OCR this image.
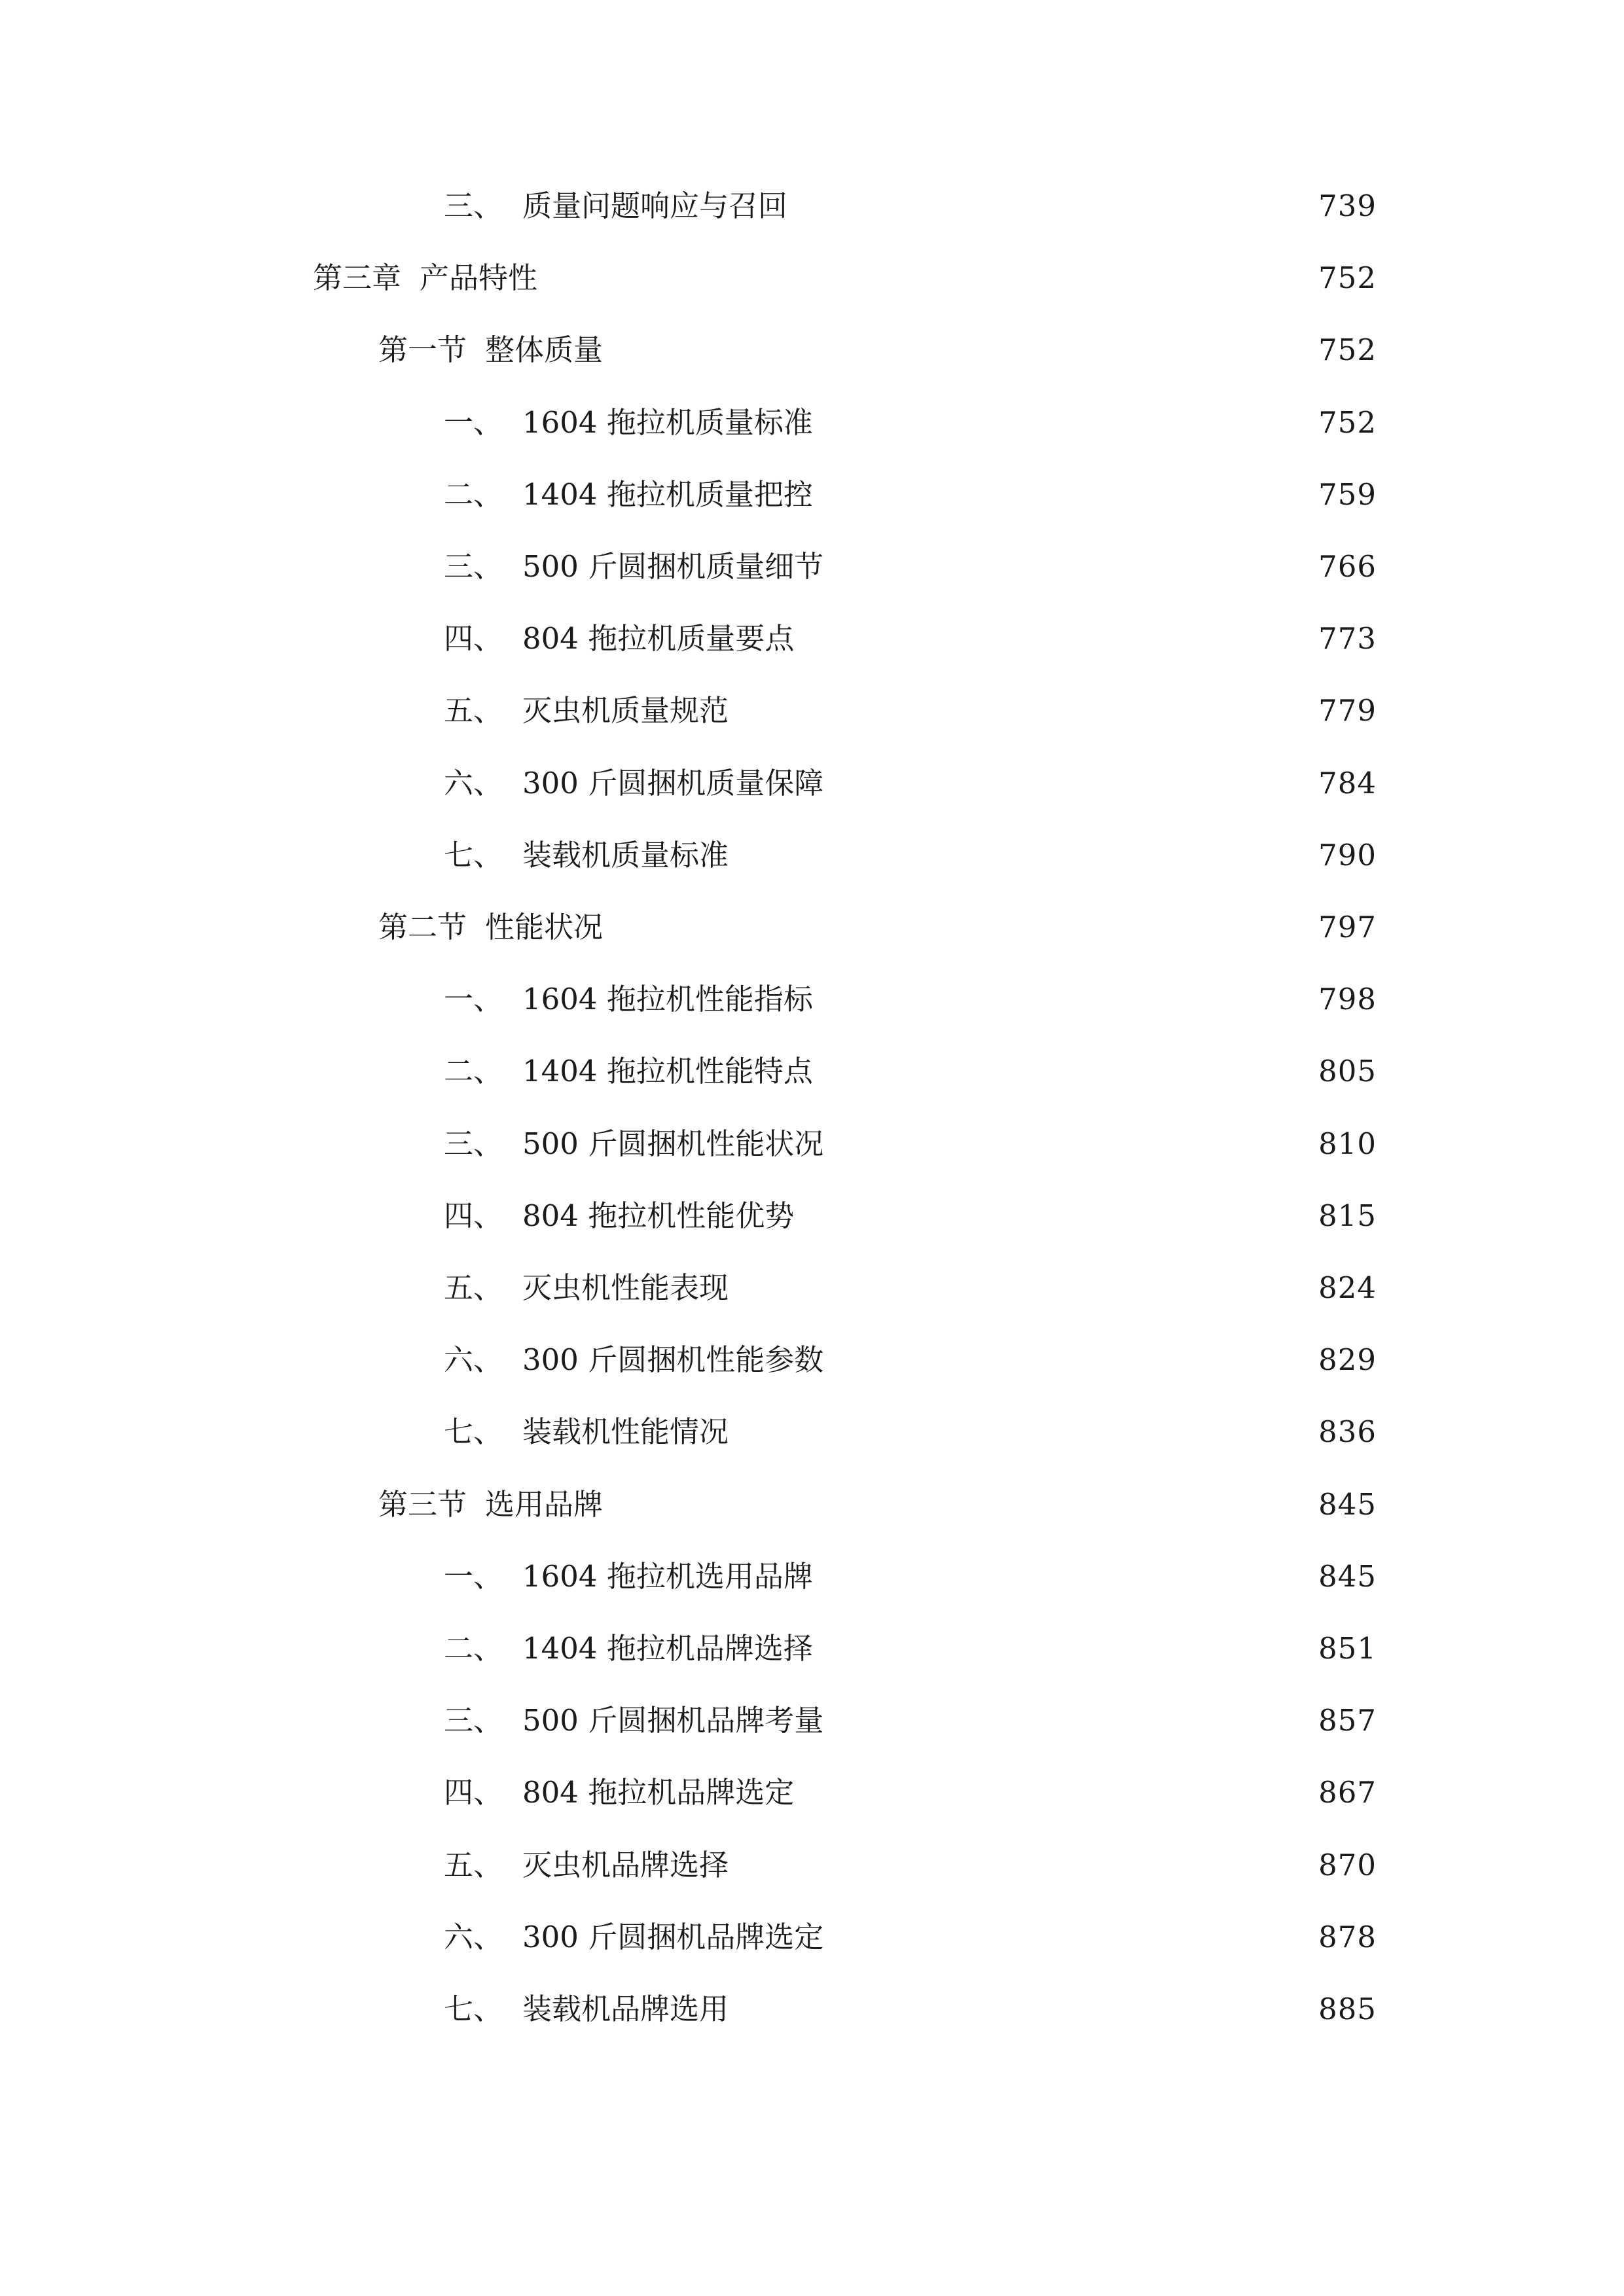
三、 质量问题响应与召回	739
第三章 产品特性	752
第一节 整体质量	752
一、 1604 拖拉机质量标准	752
二、 1404 拖拉机质量把控	759
三、 500 斤圆捆机质量细节	766
四、 804 拖拉机质量要点	773
五、 灭虫机质量规范	779
六、 300 斤圆捆机质量保障	784
七、 装载机质量标准	790
第二节 性能状况	797
一、 1604 拖拉机性能指标	798
二、 1404 拖拉机性能特点	805
三、 500 斤圆捆机性能状况	810
四、 804 拖拉机性能优势	815
五、 灭虫机性能表现	824
六、 300 斤圆捆机性能参数	829
七、 装载机性能情况	836
第三节 选用品牌	845
一、 1604 拖拉机选用品牌	845
二、 1404 拖拉机品牌选择	851
三、 500 斤圆捆机品牌考量	857
四、 804 拖拉机品牌选定	867
五、 灭虫机品牌选择	870
六、 300 斤圆捆机品牌选定	878
七、 装载机品牌选用	885
